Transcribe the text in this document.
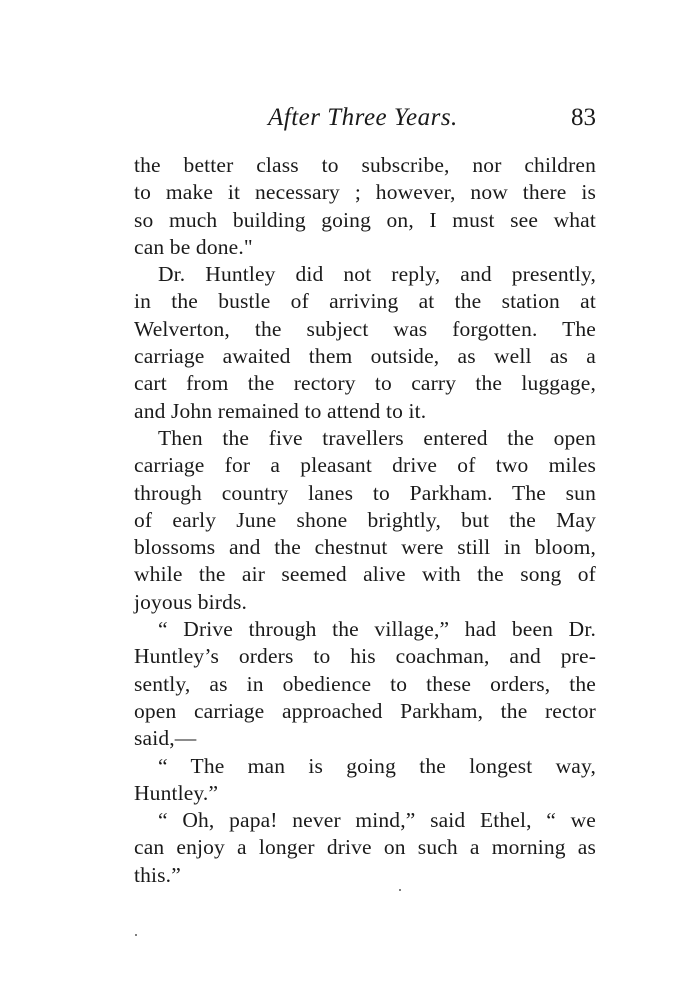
After Three Years.	83
the better class to subscribe, nor children
to make it necessary ; however, now there is
so much building going on, I must see what
can be done."
Dr. Huntley did not reply, and presently,
in the bustle of arriving at the station at
Welverton, the subject was forgotten. The
carriage awaited them outside, as well as a
cart from the rectory to carry the luggage,
and John remained to attend to it.
Then the five travellers entered the open
carriage for a pleasant drive of two miles
through country lanes to Parkham. The sun
of early June shone brightly, but the May
blossoms and the chestnut were still in bloom,
while the air seemed alive with the song of
joyous birds.
“ Drive through the village,” had been Dr.
Huntley’s orders to his coachman, and pre-
sently, as in obedience to these orders, the
open carriage approached Parkham, the rector
said,—
“ The man is going the longest way,
Huntley.”
“ Oh, papa! never mind,” said Ethel, “ we
can enjoy a longer drive on such a morning as
this.”
